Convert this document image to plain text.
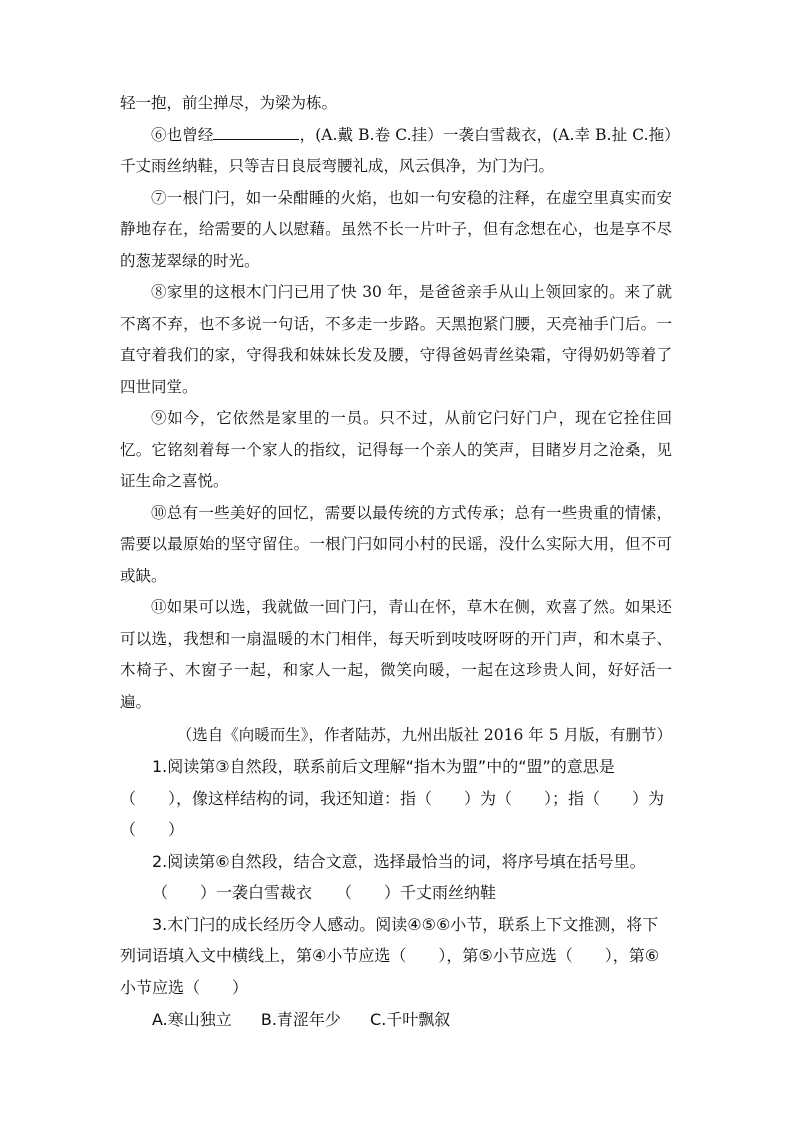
轻一抱，前尘掸尽，为梁为栋。

⑥也曾经	，(A.戴 B.卷 C.挂）一袭白雪裁衣，(A.幸 B.扯 C.拖）千丈雨丝纳鞋，只等吉日良辰弯腰礼成，风云俱净，为门为闩。

⑦一根门闩，如一朵酣睡的火焰，也如一句安稳的注释，在虚空里真实而安静地存在，给需要的人以慰藉。虽然不长一片叶子，但有念想在心，也是享不尽的葱茏翠绿的时光。

⑧家里的这根木门闩已用了快 30 年，是爸爸亲手从山上领回家的。来了就不离不弃，也不多说一句话，不多走一步路。天黑抱紧门腰，天亮袖手门后。一直守着我们的家，守得我和妹妹长发及腰，守得爸妈青丝染霜，守得奶奶等着了四世同堂。

⑨如今，它依然是家里的一员。只不过，从前它闩好门户，现在它拴住回忆。它铭刻着每一个家人的指纹，记得每一个亲人的笑声，目睹岁月之沧桑，见证生命之喜悦。

⑩总有一些美好的回忆，需要以最传统的方式传承；总有一些贵重的情愫，需要以最原始的坚守留住。一根门闩如同小村的民谣，没什么实际大用，但不可或缺。

⑪如果可以选，我就做一回门闩，青山在怀，草木在侧，欢喜了然。如果还可以选，我想和一扇温暖的木门相伴，每天听到吱吱呀呀的开门声，和木桌子、木椅子、木窗子一起，和家人一起，微笑向暖，一起在这珍贵人间，好好活一遍。

（选自《向暖而生》，作者陆苏，九州出版社 2016 年 5 月版，有删节）

1.阅读第③自然段，联系前后文理解“指木为盟”中的“盟”的意思是（　　），像这样结构的词，我还知道：指（　　）为（　　）；指（　　）为（　　）

2.阅读第⑥自然段，结合文意，选择最恰当的词，将序号填在括号里。

（　　）一袭白雪裁衣　　（　　）千丈雨丝纳鞋

3.木门闩的成长经历令人感动。阅读④⑤⑥小节，联系上下文推测，将下列词语填入文中横线上，第④小节应选（　　），第⑤小节应选（　　），第⑥小节应选（　　）

A.寒山独立 B.青涩年少 C.千叶飘叙
